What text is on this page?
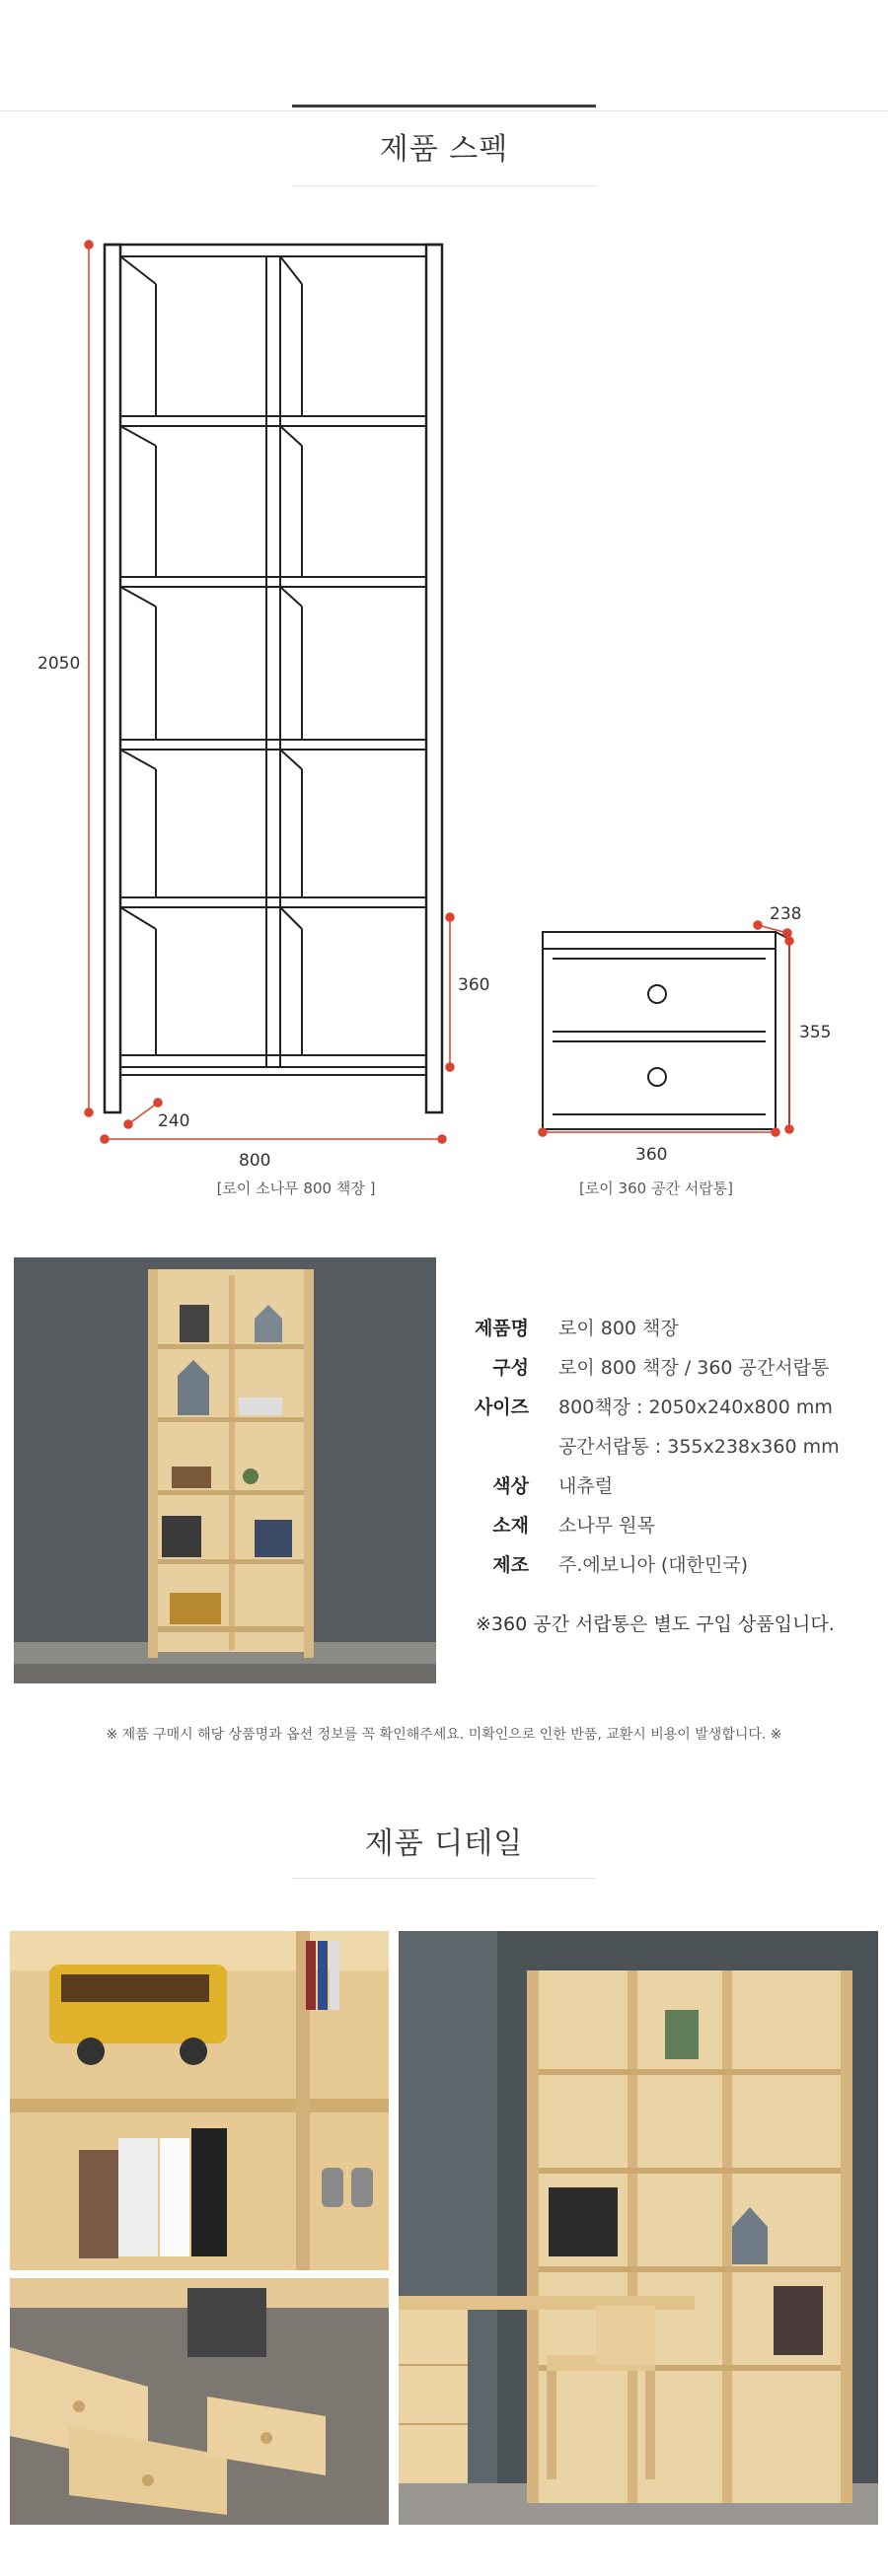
제품 스펙
2050
800
240
360
[로이 소나무 800 책장 ]
238
355
360
[로이 360 공간 서랍통]
제품명 로이 800 책장
구성 로이 800 책장 / 360 공간서랍통
사이즈 800책장 : 2050x240x800 mm
공간서랍통 : 355x238x360 mm
색상 내츄럴
소재 소나무 원목
제조 주.에보니아 (대한민국)
※360 공간 서랍통은 별도 구입 상품입니다.
※ 제품 구매시 해당 상품명과 옵션 정보를 꼭 확인해주세요. 미확인으로 인한 반품, 교환시 비용이 발생합니다. ※
제품 디테일
